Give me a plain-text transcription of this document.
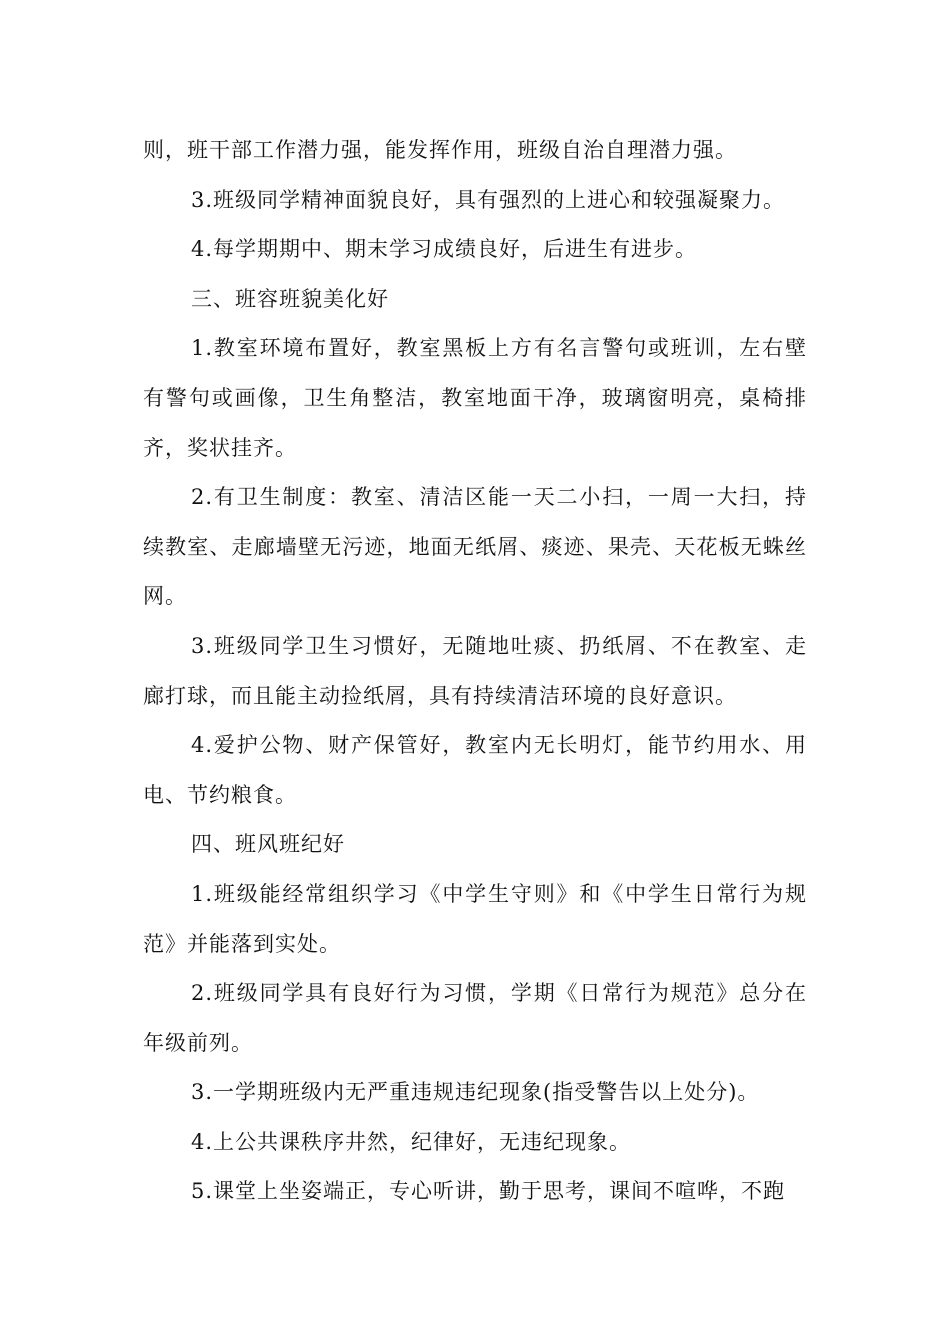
则，班干部工作潜力强，能发挥作用，班级自治自理潜力强。

3.班级同学精神面貌良好，具有强烈的上进心和较强凝聚力。

4.每学期期中、期末学习成绩良好，后进生有进步。

三、班容班貌美化好

1.教室环境布置好，教室黑板上方有名言警句或班训，左右壁有警句或画像，卫生角整洁，教室地面干净，玻璃窗明亮，桌椅排齐，奖状挂齐。

2.有卫生制度：教室、清洁区能一天二小扫，一周一大扫，持续教室、走廊墙壁无污迹，地面无纸屑、痰迹、果壳、天花板无蛛丝网。

3.班级同学卫生习惯好，无随地吐痰、扔纸屑、不在教室、走廊打球，而且能主动捡纸屑，具有持续清洁环境的良好意识。

4.爱护公物、财产保管好，教室内无长明灯，能节约用水、用电、节约粮食。

四、班风班纪好

1.班级能经常组织学习《中学生守则》和《中学生日常行为规范》并能落到实处。

2.班级同学具有良好行为习惯，学期《日常行为规范》总分在年级前列。

3.一学期班级内无严重违规违纪现象(指受警告以上处分)。

4.上公共课秩序井然，纪律好，无违纪现象。

5.课堂上坐姿端正，专心听讲，勤于思考，课间不喧哗，不跑
